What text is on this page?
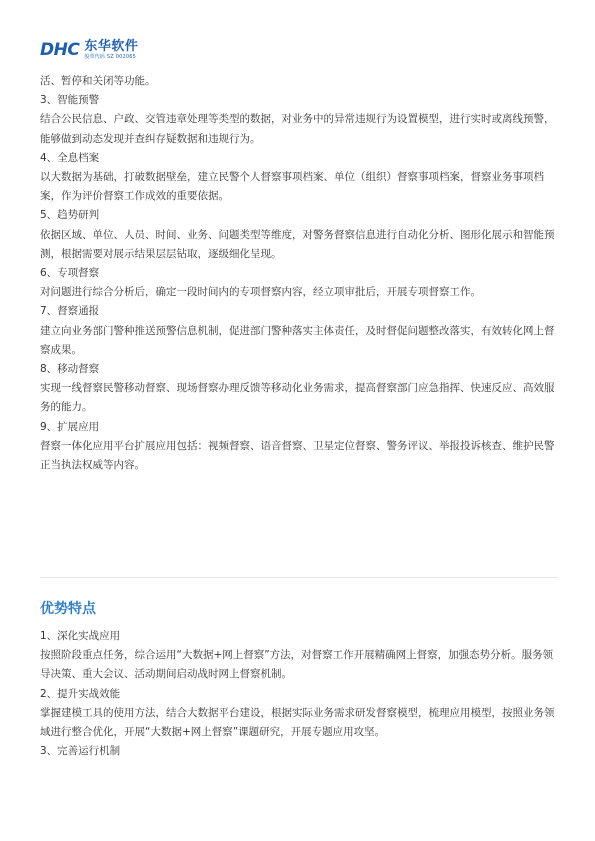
DHC 东华软件
股票代码 SZ 002065

活、暂停和关闭等功能。

3、智能预警

结合公民信息、户政、交管违章处理等类型的数据，对业务中的异常违规行为设置模型，进行实时或离线预警，能够做到动态发现并查纠存疑数据和违规行为。

4、全息档案

以大数据为基础，打破数据壁垒，建立民警个人督察事项档案、单位（组织）督察事项档案，督察业务事项档案，作为评价督察工作成效的重要依据。

5、趋势研判

依据区域、单位、人员、时间、业务、问题类型等维度，对警务督察信息进行自动化分析、图形化展示和智能预测，根据需要对展示结果层层钻取，逐级细化呈现。

6、专项督察

对问题进行综合分析后，确定一段时间内的专项督察内容，经立项审批后，开展专项督察工作。

7、督察通报

建立向业务部门警种推送预警信息机制，促进部门警种落实主体责任，及时督促问题整改落实，有效转化网上督察成果。

8、移动督察

实现一线督察民警移动督察、现场督察办理反馈等移动化业务需求，提高督察部门应急指挥、快速反应、高效服务的能力。

9、扩展应用

督察一体化应用平台扩展应用包括：视频督察、语音督察、卫星定位督察、警务评议、举报投诉核查、维护民警正当执法权威等内容。

优势特点

1、深化实战应用

按照阶段重点任务，综合运用“大数据+网上督察”方法，对督察工作开展精确网上督察，加强态势分析。服务领导决策、重大会议、活动期间启动战时网上督察机制。

2、提升实战效能

掌握建模工具的使用方法，结合大数据平台建设，根据实际业务需求研发督察模型，梳理应用模型，按照业务领域进行整合优化，开展“大数据+网上督察”课题研究，开展专题应用攻坚。

3、完善运行机制
